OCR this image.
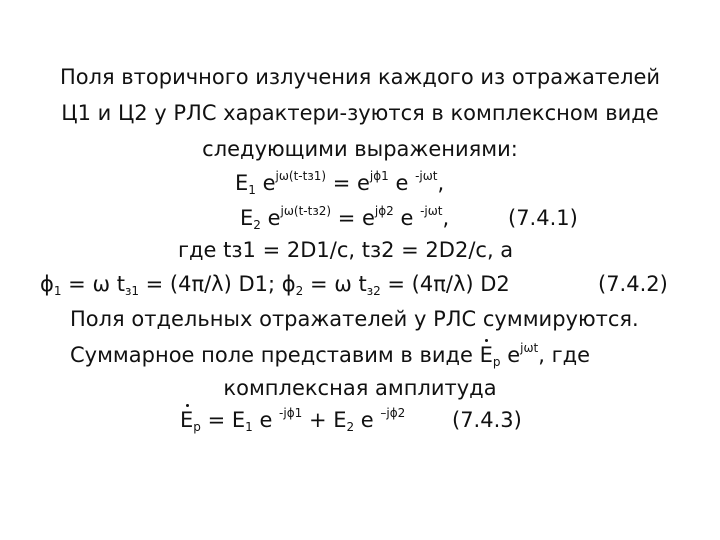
Поля вторичного излучения каждого из отражателей
Ц1 и Ц2 у РЛС характери-зуются в комплексном виде
следующими выражениями:
$E_1$ $e^{j\omega(t-tз1)} = e^{j\phi 1}$ e $^{-j\omega t}$,
$E_2$ $e^{j\omega(t-tз2)} = e^{j\phi 2}$ e $^{-j\omega t}$,	(7.4.1)
где tз1 = 2D1/с, tз2 = 2D2/с, а
$\phi_1 = \omega$ $t_{з1} = (4\pi/\lambda)$ D1; $\phi_2 = \omega$ $t_{з2} = (4\pi/\lambda)$ D2	(7.4.2)
Поля отдельных отражателей у РЛС суммируются.
Суммарное поле представим в виде $E_р$ $e^{j\omega t}$, где
комплексная амплитуда
$E_р = E_1$ e $^{-j\phi 1} + E_2$ e $^{-j\phi 2}$ (7.4.3)
